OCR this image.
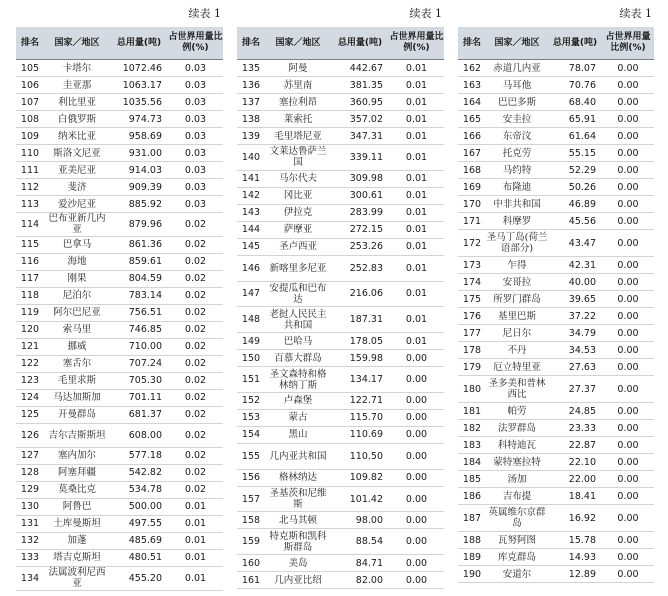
续表 1
排名	国家／地区	总用量(吨)	占世界用量比例(%)
105	卡塔尔	1072.46	0.03
106	圭亚那	1063.17	0.03
107	利比里亚	1035.56	0.03
108	白俄罗斯	974.73	0.03
109	纳米比亚	958.69	0.03
110	斯洛文尼亚	931.00	0.03
111	亚美尼亚	914.03	0.03
112	斐济	909.39	0.03
113	爱沙尼亚	885.92	0.03
114	巴布亚新几内亚	879.96	0.02
115	巴拿马	861.36	0.02
116	海地	859.61	0.02
117	刚果	804.59	0.02
118	尼泊尔	783.14	0.02
119	阿尔巴尼亚	756.51	0.02
120	索马里	746.85	0.02
121	挪威	710.00	0.02
122	塞舌尔	707.24	0.02
123	毛里求斯	705.30	0.02
124	马达加斯加	701.11	0.02
125	开曼群岛	681.37	0.02
126	吉尔吉斯斯坦	608.00	0.02
127	塞内加尔	577.18	0.02
128	阿塞拜疆	542.82	0.02
129	莫桑比克	534.78	0.02
130	阿鲁巴	500.00	0.01
131	土库曼斯坦	497.55	0.01
132	加蓬	485.69	0.01
133	塔吉克斯坦	480.51	0.01
134	法属波利尼西亚	455.20	0.01
续表 1
排名	国家／地区	总用量(吨)	占世界用量比例(%)
135	阿曼	442.67	0.01
136	苏里南	381.35	0.01
137	塞拉利昂	360.95	0.01
138	莱索托	357.02	0.01
139	毛里塔尼亚	347.31	0.01
140	文莱达鲁萨兰国	339.11	0.01
141	马尔代夫	309.98	0.01
142	冈比亚	300.61	0.01
143	伊拉克	283.99	0.01
144	萨摩亚	272.15	0.01
145	圣卢西亚	253.26	0.01
146	新喀里多尼亚	252.83	0.01
147	安提瓜和巴布达	216.06	0.01
148	老挝人民民主共和国	187.31	0.01
149	巴哈马	178.05	0.01
150	百慕大群岛	159.98	0.00
151	圣文森特和格林纳丁斯	134.17	0.00
152	卢森堡	122.71	0.00
153	蒙古	115.70	0.00
154	黑山	110.69	0.00
155	几内亚共和国	110.50	0.00
156	格林纳达	109.82	0.00
157	圣基茨和尼维斯	101.42	0.00
158	北马其顿	98.00	0.00
159	特克斯和凯科斯群岛	88.54	0.00
160	美岛	84.71	0.00
161	几内亚比绍	82.00	0.00
续表 1
排名	国家／地区	总用量(吨)	占世界用量比例(%)
162	赤道几内亚	78.07	0.00
163	马耳他	70.76	0.00
164	巴巴多斯	68.40	0.00
165	安圭拉	65.91	0.00
166	东帝汶	61.64	0.00
167	托克劳	55.15	0.00
168	马约特	52.29	0.00
169	布隆迪	50.26	0.00
170	中非共和国	46.89	0.00
171	科摩罗	45.56	0.00
172	圣马丁岛(荷兰语部分)	43.47	0.00
173	乍得	42.31	0.00
174	安哥拉	40.00	0.00
175	所罗门群岛	39.65	0.00
176	基里巴斯	37.22	0.00
177	尼日尔	34.79	0.00
178	不丹	34.53	0.00
179	厄立特里亚	27.63	0.00
180	圣多美和普林西比	27.37	0.00
181	帕劳	24.85	0.00
182	法罗群岛	23.33	0.00
183	科特迪瓦	22.87	0.00
184	蒙特塞拉特	22.10	0.00
185	汤加	22.00	0.00
186	吉布提	18.41	0.00
187	英属维尔京群岛	16.92	0.00
188	瓦努阿图	15.78	0.00
189	库克群岛	14.93	0.00
190	安道尔	12.89	0.00
